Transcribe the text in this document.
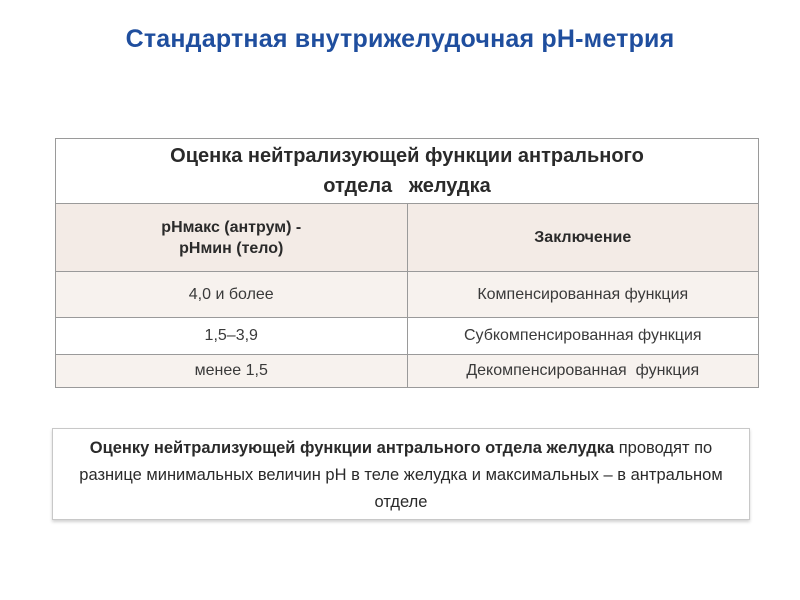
Стандартная внутрижелудочная pH-метрия
Оценка нейтрализующей функции антрального
отдела   желудка	
pHмакс (антрум) -
pHмин (тело)	Заключение
4,0 и более	Компенсированная функция
1,5–3,9	Субкомпенсированная функция
менее 1,5	Декомпенсированная  функция
Оценку нейтрализующей функции антрального отдела желудка проводят по разнице минимальных величин pH в теле желудка и максимальных – в антральном отделе
